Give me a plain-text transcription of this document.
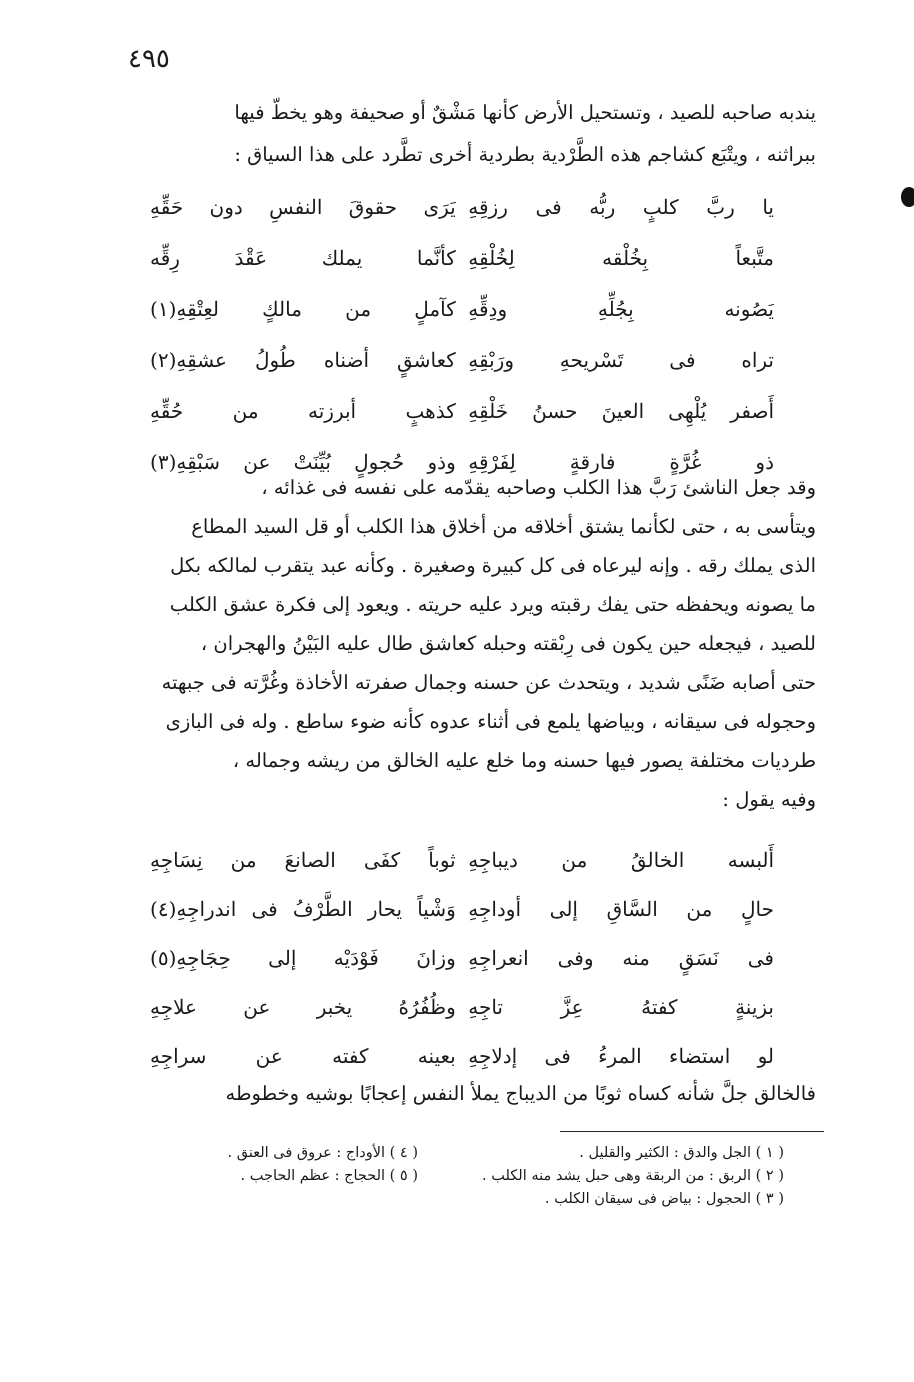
٤٩٥

يندبه صاحبه للصيد ، وتستحيل الأرض كأنها مَشْقٌ أو صحيفة وهو يخطّ فيها

ببراثنه ، ويتْبَع كشاجم هذه الطَّرْدية بطردية أخرى تطَّرد على هذا السياق :

يا ربَّ كلبٍ ربُّه فى رزقِهِ
يَرَى حقوقَ النفسِ دون حَقِّهِ
متَّبعاً بِخُلْقه لِخُلْقِهِ
كأنَّما يملك عَقْدَ رِقِّه
يَصُونه بِجُلِّهِ ودِقِّهِ
كآملٍ من مالكٍ لعِتْقِهِ(١)
تراه فى تَسْريحهِ ورَبْقِهِ
كعاشقٍ أضناه طُولُ عشقِهِ(٢)
أَصفر يُلْهِى العينَ حسنُ خَلْقِهِ
كذهبٍ أبرزته من حُقِّهِ
ذو غُرَّةٍ فارقةٍ لِفَرْقِهِ
وذو حُجولٍ بُيِّنَتْ عن سَبْقِهِ(٣)

وقد جعل الناشئ رَبَّ هذا الكلب وصاحبه يقدّمه على نفسه فى غذائه ،

ويتأسى به ، حتى لكأنما يشتق أخلاقه من أخلاق هذا الكلب أو قل السيد المطاع

الذى يملك رقه . وإنه ليرعاه فى كل كبيرة وصغيرة . وكأنه عبد يتقرب لمالكه بكل

ما يصونه ويحفظه حتى يفك رقبته ويرد عليه حريته . ويعود إلى فكرة عشق الكلب

للصيد ، فيجعله حين يكون فى رِبْقته وحبله كعاشق طال عليه البَيْنُ والهجران ،

حتى أصابه ضَنًى شديد ، ويتحدث عن حسنه وجمال صفرته الأخاذة وغُرَّته فى جبهته

وحجوله فى سيقانه ، وبياضها يلمع فى أثناء عدوه كأنه ضوء ساطع . وله فى البازى

طرديات مختلفة يصور فيها حسنه وما خلع عليه الخالق من ريشه وجماله ،

وفيه يقول :

أَلبسه الخالقُ من ديباجِهِ
ثوباً كفَى الصانعَ من نِسَاجِهِ
حالٍ من السَّاقِ إلى أوداجِهِ
وَشْياً يحار الطَّرْفُ فى اندراجِهِ(٤)
فى نَسَقٍ منه وفى انعراجِهِ
وزانَ فَوْدَيْه إلى حِجَاجِهِ(٥)
بزينةٍ كفتهُ عِزَّ تاجِهِ
وظُفُرُهُ يخبر عن علاجِهِ
لو استضاء المرءُ فى إدلاجِهِ
بعينه كفته عن سراجِهِ

فالخالق جلَّ شأنه كساه ثوبًا من الديباج يملأ النفس إعجابًا بوشيه وخطوطه

( ١ ) الجل والدق : الكثير والقليل .
( ٢ ) الربق : من الربقة وهى حبل يشد منه الكلب .
( ٣ ) الحجول : بياض فى سيقان الكلب .
( ٤ ) الأوداج : عروق فى العنق .
( ٥ ) الحجاج : عظم الحاجب .
